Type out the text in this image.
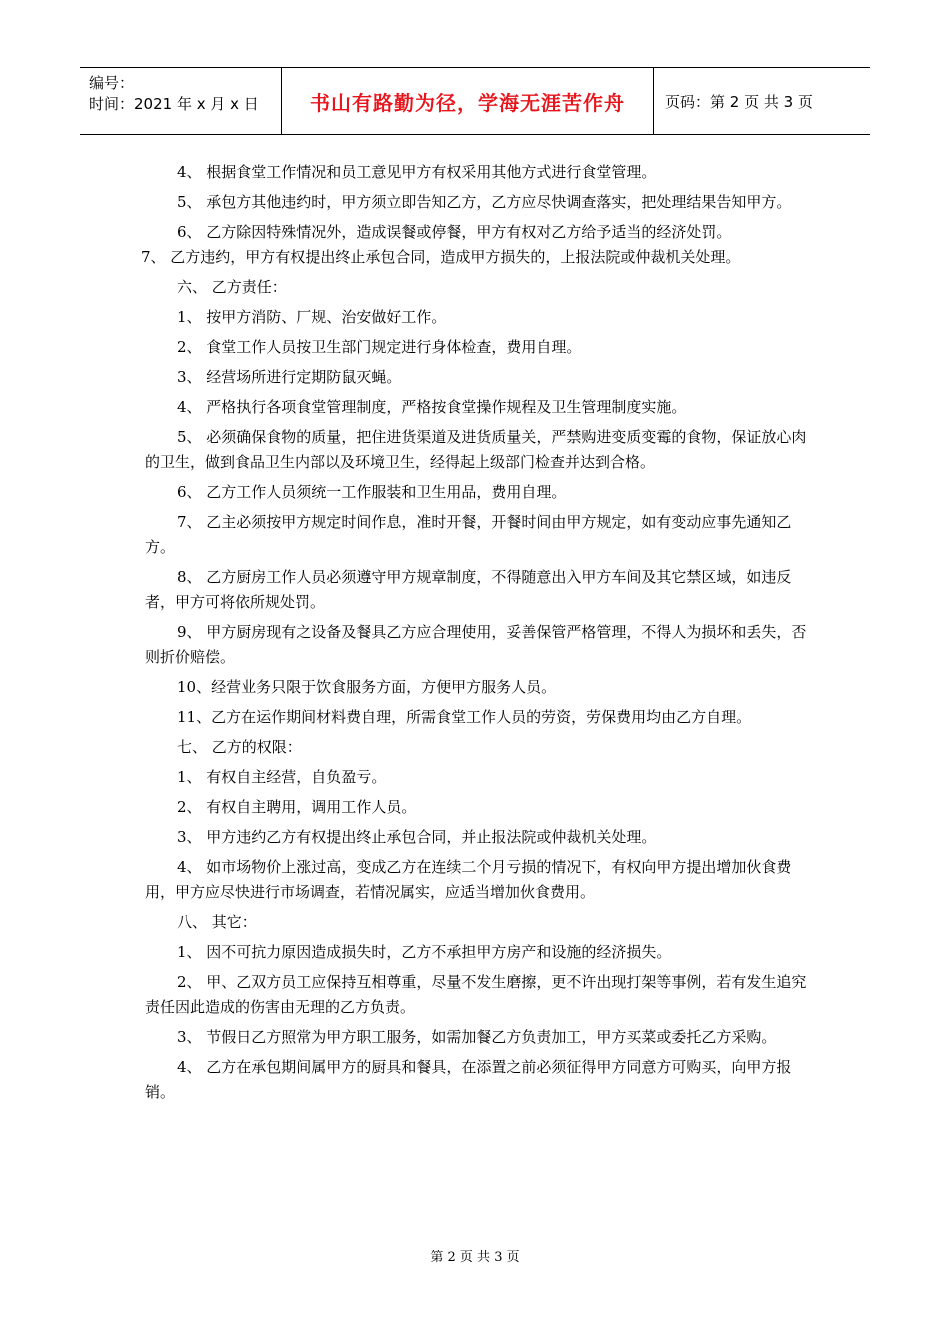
编号：
时间：2021 年 x 月 x 日	书山有路勤为径，学海无涯苦作舟	页码：第 2 页 共 3 页

4、 根据食堂工作情况和员工意见甲方有权采用其他方式进行食堂管理。

5、 承包方其他违约时，甲方须立即告知乙方，乙方应尽快调查落实，把处理结果告知甲方。

6、 乙方除因特殊情况外，造成误餐或停餐，甲方有权对乙方给予适当的经济处罚。

7、 乙方违约，甲方有权提出终止承包合同，造成甲方损失的，上报法院或仲裁机关处理。

六、 乙方责任：

1、 按甲方消防、厂规、治安做好工作。

2、 食堂工作人员按卫生部门规定进行身体检查，费用自理。

3、 经营场所进行定期防鼠灭蝇。

4、 严格执行各项食堂管理制度，严格按食堂操作规程及卫生管理制度实施。

5、 必须确保食物的质量，把住进货渠道及进货质量关，严禁购进变质变霉的食物，保证放心肉的卫生，做到食品卫生内部以及环境卫生，经得起上级部门检查并达到合格。

6、 乙方工作人员须统一工作服装和卫生用品，费用自理。

7、 乙主必须按甲方规定时间作息，准时开餐，开餐时间由甲方规定，如有变动应事先通知乙方。

8、 乙方厨房工作人员必须遵守甲方规章制度，不得随意出入甲方车间及其它禁区域，如违反者，甲方可将依所规处罚。

9、 甲方厨房现有之设备及餐具乙方应合理使用，妥善保管严格管理，不得人为损坏和丢失，否则折价赔偿。

10、经营业务只限于饮食服务方面，方便甲方服务人员。

11、乙方在运作期间材料费自理，所需食堂工作人员的劳资，劳保费用均由乙方自理。

七、 乙方的权限：

1、 有权自主经营，自负盈亏。

2、 有权自主聘用，调用工作人员。

3、 甲方违约乙方有权提出终止承包合同，并止报法院或仲裁机关处理。

4、 如市场物价上涨过高，变成乙方在连续二个月亏损的情况下，有权向甲方提出增加伙食费用，甲方应尽快进行市场调查，若情况属实，应适当增加伙食费用。

八、 其它：

1、 因不可抗力原因造成损失时，乙方不承担甲方房产和设施的经济损失。

2、 甲、乙双方员工应保持互相尊重，尽量不发生磨擦，更不许出现打架等事例，若有发生追究责任因此造成的伤害由无理的乙方负责。

3、 节假日乙方照常为甲方职工服务，如需加餐乙方负责加工，甲方买菜或委托乙方采购。

4、 乙方在承包期间属甲方的厨具和餐具，在添置之前必须征得甲方同意方可购买，向甲方报销。

第 2 页 共 3 页
